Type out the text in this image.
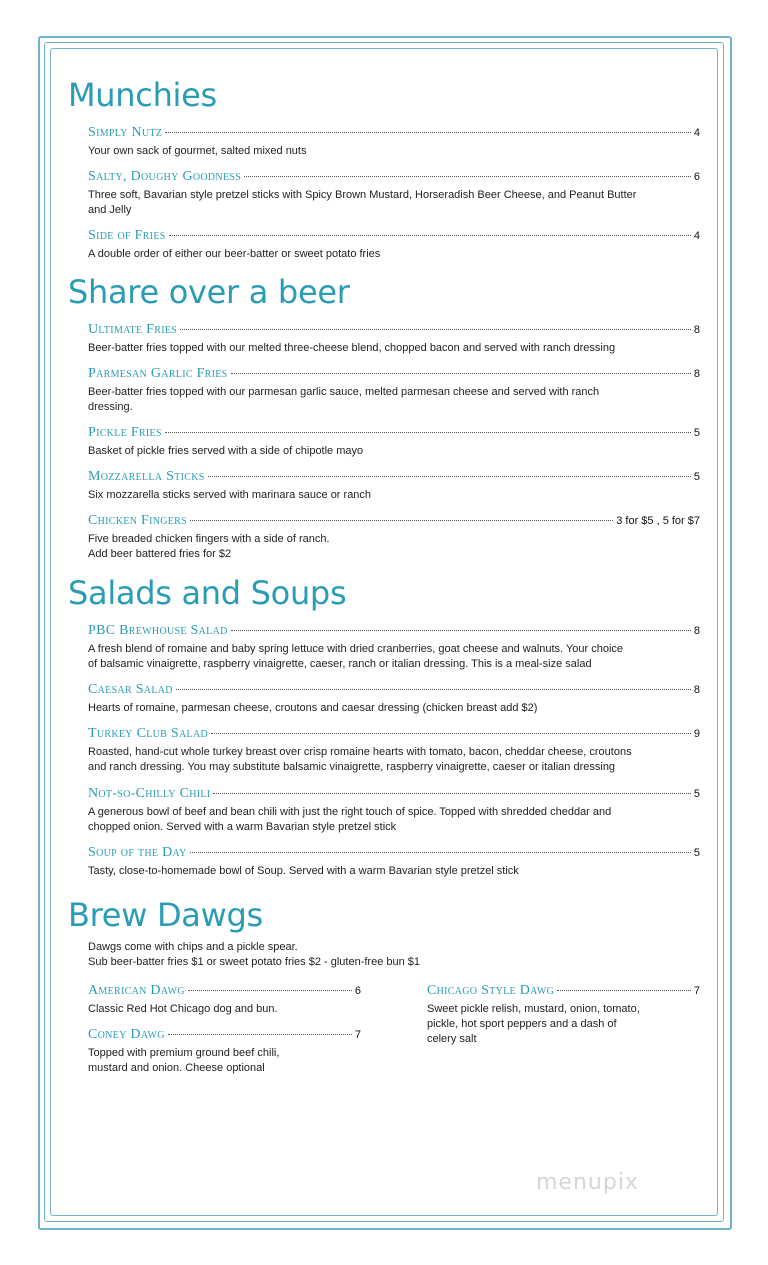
Munchies
Simply Nutz	4

Your own sack of gourmet, salted mixed nuts

Salty, Doughy Goodness	6

Three soft, Bavarian style pretzel sticks with Spicy Brown Mustard, Horseradish Beer Cheese, and Peanut Butter

and Jelly

Side of Fries	4

A double order of either our beer-batter or sweet potato fries

Share over a beer
Ultimate Fries	8

Beer-batter fries topped with our melted three-cheese blend, chopped bacon and served with ranch dressing

Parmesan Garlic Fries	8

Beer-batter fries topped with our parmesan garlic sauce, melted parmesan cheese and served with ranch

dressing.

Pickle Fries	5

Basket of pickle fries served with a side of chipotle mayo

Mozzarella Sticks	5

Six mozzarella sticks served with marinara sauce or ranch

Chicken Fingers	3 for $5 , 5 for $7

Five breaded chicken fingers with a side of ranch.

Add beer battered fries for $2

Salads and Soups
PBC Brewhouse Salad	8

A fresh blend of romaine and baby spring lettuce with dried cranberries, goat cheese and walnuts. Your choice

of balsamic vinaigrette, raspberry vinaigrette, caeser, ranch or italian dressing. This is a meal-size salad

Caesar Salad	8

Hearts of romaine, parmesan cheese, croutons and caesar dressing (chicken breast add $2)

Turkey Club Salad	9

Roasted, hand-cut whole turkey breast over crisp romaine hearts with tomato, bacon, cheddar cheese, croutons

and ranch dressing. You may substitute balsamic vinaigrette, raspberry vinaigrette, caeser or italian dressing

Not-so-Chilly Chili	5

A generous bowl of beef and bean chili with just the right touch of spice. Topped with shredded cheddar and

chopped onion. Served with a warm Bavarian style pretzel stick

Soup of the Day	5

Tasty, close-to-homemade bowl of Soup. Served with a warm Bavarian style pretzel stick

Brew Dawgs

Dawgs come with chips and a pickle spear.

Sub beer-batter fries $1 or sweet potato fries $2 - gluten-free bun $1

American Dawg	6

Classic Red Hot Chicago dog and bun.

Coney Dawg	7

Topped with premium ground beef chili,

mustard and onion. Cheese optional

Chicago Style Dawg	7

Sweet pickle relish, mustard, onion, tomato,

pickle, hot sport peppers and a dash of

celery salt

menupix
